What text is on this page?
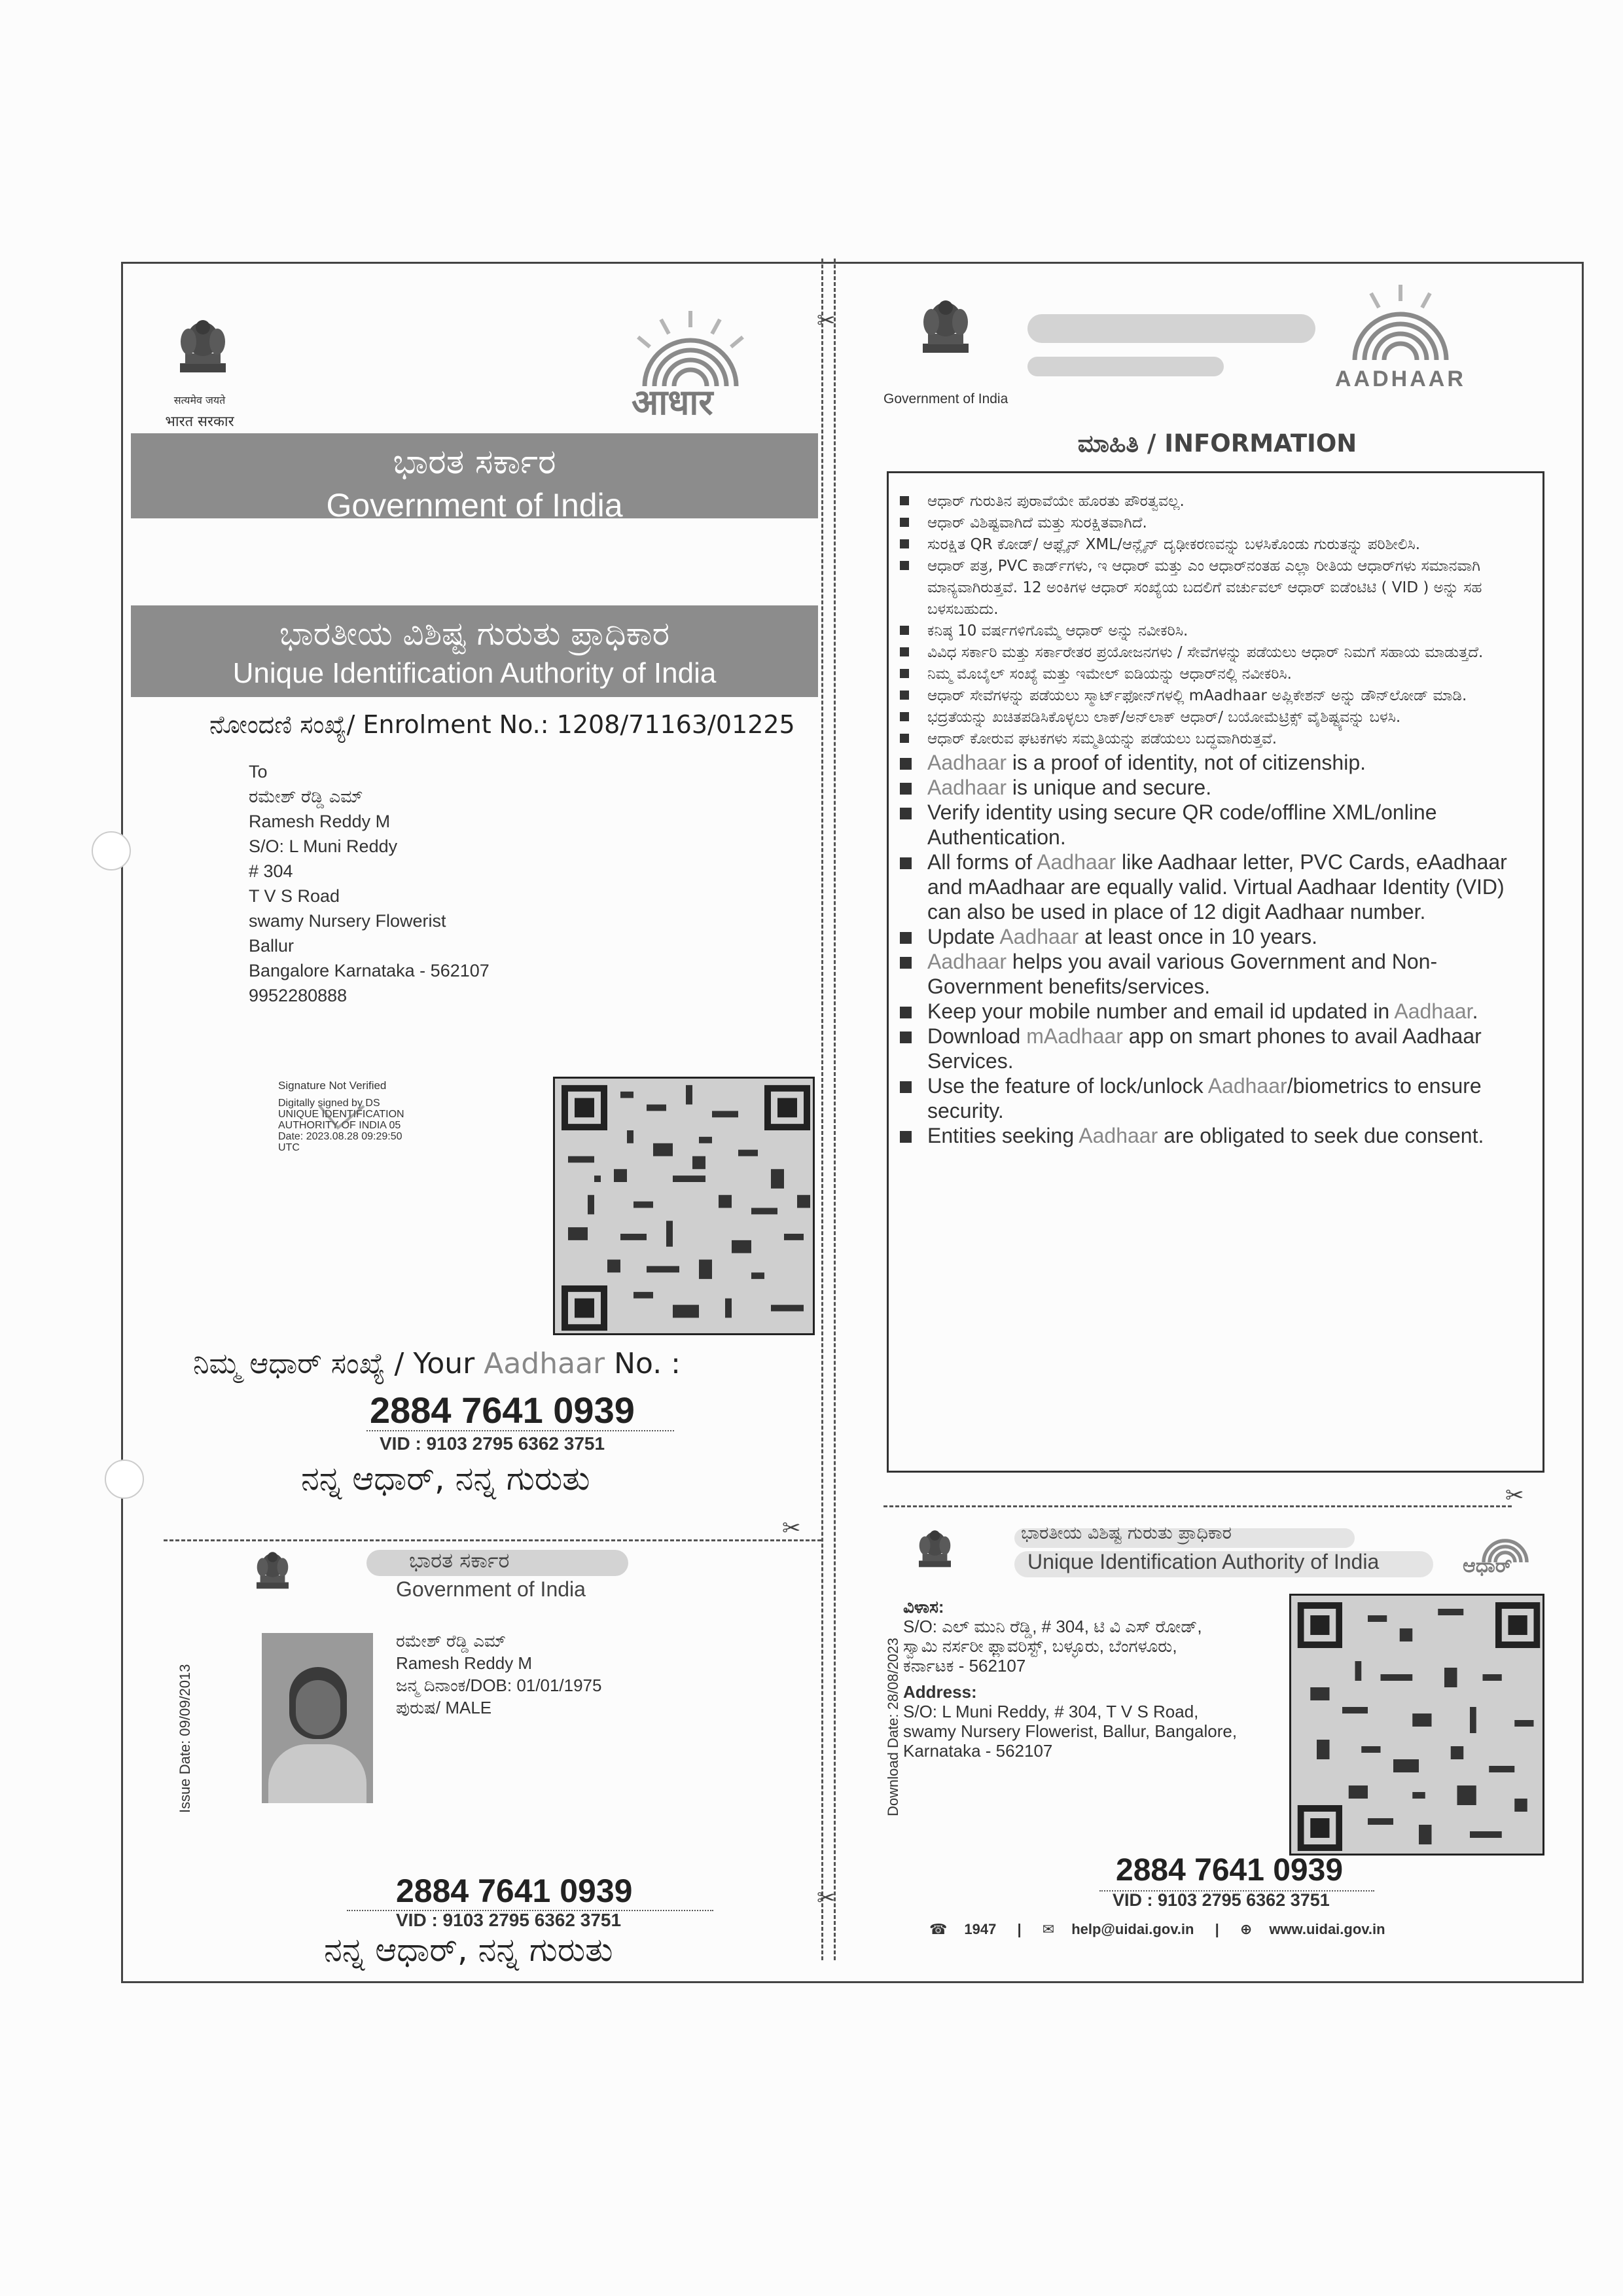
✂
✂
सत्यमेव जयते
भारत सरकार	आधार
ಭಾರತ ಸರ್ಕಾರ
Government of India
ಭಾರತೀಯ ವಿಶಿಷ್ಟ ಗುರುತು ಪ್ರಾಧಿಕಾರ
Unique Identification Authority of India
ನೋಂದಣಿ ಸಂಖ್ಯೆ/ Enrolment No.: 1208/71163/01225
To
ರಮೇಶ್ ರೆಡ್ಡಿ ಎಮ್
Ramesh Reddy M
S/O: L Muni Reddy
# 304
T V S Road
swamy Nursery Flowerist
Ballur
Bangalore Karnataka - 562107
9952280888
Signature Not Verified
Digitally signed by DS
UNIQUE IDENTIFICATION
AUTHORITY OF INDIA 05
Date: 2023.08.28 09:29:50
UTC
ನಿಮ್ಮ ಆಧಾರ್ ಸಂಖ್ಯೆ / Your Aadhaar No. :
2884 7641 0939
VID : 9103 2795 6362 3751
ನನ್ನ ಆಧಾರ್, ನನ್ನ ಗುರುತು
✂
✂
ಭಾರತ ಸರ್ಕಾರ
Government of India
Issue Date: 09/09/2013
ರಮೇಶ್ ರೆಡ್ಡಿ ಎಮ್
Ramesh Reddy M
ಜನ್ಮ ದಿನಾಂಕ/DOB: 01/01/1975
ಪುರುಷ/ MALE
2884 7641 0939
VID : 9103 2795 6362 3751
ನನ್ನ ಆಧಾರ್, ನನ್ನ ಗುರುತು
Government of India
AADHAAR
ಮಾಹಿತಿ / INFORMATION
ಆಧಾರ್ ಗುರುತಿನ ಪುರಾವೆಯೇ ಹೊರತು ಪೌರತ್ವವಲ್ಲ.
ಆಧಾರ್ ವಿಶಿಷ್ಟವಾಗಿದೆ ಮತ್ತು ಸುರಕ್ಷಿತವಾಗಿದೆ.
ಸುರಕ್ಷಿತ QR ಕೋಡ್/ ಆಫ್ಲೈನ್ XML/ಆನ್ಲೈನ್ ದೃಢೀಕರಣವನ್ನು ಬಳಸಿಕೊಂಡು ಗುರುತನ್ನು ಪರಿಶೀಲಿಸಿ.
ಆಧಾರ್ ಪತ್ರ, PVC ಕಾರ್ಡ್‌ಗಳು, ಇ ಆಧಾರ್ ಮತ್ತು ಎಂ ಆಧಾರ್‌ನಂತಹ ಎಲ್ಲಾ ರೀತಿಯ ಆಧಾರ್‌ಗಳು ಸಮಾನವಾಗಿ ಮಾನ್ಯವಾಗಿರುತ್ತವೆ. 12 ಅಂಕಿಗಳ ಆಧಾರ್ ಸಂಖ್ಯೆಯ ಬದಲಿಗೆ ವರ್ಚುವಲ್ ಆಧಾರ್ ಐಡೆಂಟಿಟಿ ( VID ) ಅನ್ನು ಸಹ ಬಳಸಬಹುದು.
ಕನಿಷ್ಠ 10 ವರ್ಷಗಳಿಗೊಮ್ಮೆ ಆಧಾರ್ ಅನ್ನು ನವೀಕರಿಸಿ.
ವಿವಿಧ ಸರ್ಕಾರಿ ಮತ್ತು ಸರ್ಕಾರೇತರ ಪ್ರಯೋಜನಗಳು / ಸೇವೆಗಳನ್ನು ಪಡೆಯಲು ಆಧಾರ್ ನಿಮಗೆ ಸಹಾಯ ಮಾಡುತ್ತದೆ.
ನಿಮ್ಮ ಮೊಬೈಲ್ ಸಂಖ್ಯೆ ಮತ್ತು ಇಮೇಲ್ ಐಡಿಯನ್ನು ಆಧಾರ್‌ನಲ್ಲಿ ನವೀಕರಿಸಿ.
ಆಧಾರ್ ಸೇವೆಗಳನ್ನು ಪಡೆಯಲು ಸ್ಮಾರ್ಟ್‌ಫೋನ್‌ಗಳಲ್ಲಿ mAadhaar ಅಪ್ಲಿಕೇಶನ್ ಅನ್ನು ಡೌನ್‌ಲೋಡ್ ಮಾಡಿ.
ಭದ್ರತೆಯನ್ನು ಖಚಿತಪಡಿಸಿಕೊಳ್ಳಲು ಲಾಕ್/ಅನ್‌ಲಾಕ್ ಆಧಾರ್/ ಬಯೋಮೆಟ್ರಿಕ್ಸ್ ವೈಶಿಷ್ಟ್ಯವನ್ನು ಬಳಸಿ.
ಆಧಾರ್ ಕೋರುವ ಘಟಕಗಳು ಸಮ್ಮತಿಯನ್ನು ಪಡೆಯಲು ಬದ್ಧವಾಗಿರುತ್ತವೆ.
Aadhaar is a proof of identity, not of citizenship.
Aadhaar is unique and secure.
Verify identity using secure QR code/offline XML/online Authentication.
All forms of Aadhaar like Aadhaar letter, PVC Cards, eAadhaar and mAadhaar are equally valid. Virtual Aadhaar Identity (VID) can also be used in place of 12 digit Aadhaar number.
Update Aadhaar at least once in 10 years.
Aadhaar helps you avail various Government and Non- Government benefits/services.
Keep your mobile number and email id updated in Aadhaar.
Download mAadhaar app on smart phones to avail Aadhaar Services.
Use the feature of lock/unlock Aadhaar/biometrics to ensure security.
Entities seeking Aadhaar are obligated to seek due consent.
ಭಾರತೀಯ ವಿಶಿಷ್ಟ ಗುರುತು ಪ್ರಾಧಿಕಾರ
Unique Identification Authority of India	ಆಧಾರ್
ವಿಳಾಸ:
S/O: ಎಲ್ ಮುನಿ ರೆಡ್ಡಿ, # 304, ಟಿ ವಿ ಎಸ್ ರೋಡ್,
ಸ್ವಾಮಿ ನರ್ಸರೀ ಫ್ಲಾವರಿಸ್ಟ್, ಬಳ್ಳೂರು, ಬೆಂಗಳೂರು,
ಕರ್ನಾಟಕ - 562107
Address:
S/O: L Muni Reddy, # 304, T V S Road,
swamy Nursery Flowerist, Ballur, Bangalore,
Karnataka - 562107
Download Date: 28/08/2023
2884 7641 0939
VID : 9103 2795 6362 3751
☎ 1947 | ✉ help@uidai.gov.in | ⊕ www.uidai.gov.in
